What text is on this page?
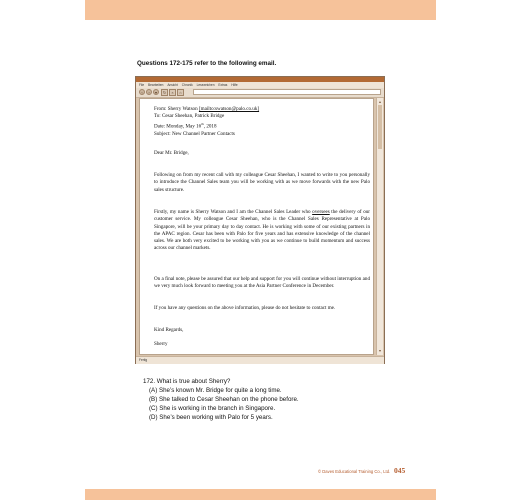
Questions 172-175 refer to the following email.
File Bearbeiten Ansicht Chronik Lesezeichen Extras Hilfe
‹	›	▾	↻	×	⌂
From: Sherry Watson [mailto:swatson@palo.co.uk]
To: Cesar Sheehan, Patrick Bridge
Date: Monday, May 16th, 2018
Subject: New Channel Partner Contacts

Dear Mr. Bridge,

Following on from my recent call with my colleague Cesar Sheehan, I wanted to write to you personally to introduce the Channel Sales team you will be working with as we move forwards with the new Palo sales structure.

Firstly, my name is Sherry Watson and I am the Channel Sales Leader who oversees the delivery of our customer service. My colleague Cesar Sheehan, who is the Channel Sales Representative at Palo Singapore, will be your primary day to day contact. He is working with some of our existing partners in the APAC region. Cesar has been with Palo for five years and has extensive knowledge of the channel sales. We are both very excited to be working with you as we continue to build momentum and success across our channel markets.

On a final note, please be assured that our help and support for you will continue without interruption and we very much look forward to meeting you at the Asia Partner Conference in December.

If you have any questions on the above information, please do not hesitate to contact me.

Kind Regards,

Sherry

▴
▾
Fertig
172. What is true about Sherry?
(A) She’s known Mr. Bridge for quite a long time.
(B) She talked to Cesar Sheehan on the phone before.
(C) She is working in the branch in Singapore.
(D) She’s been working with Palo for 5 years.
© Daves Educational Training Co., Ltd. 045
